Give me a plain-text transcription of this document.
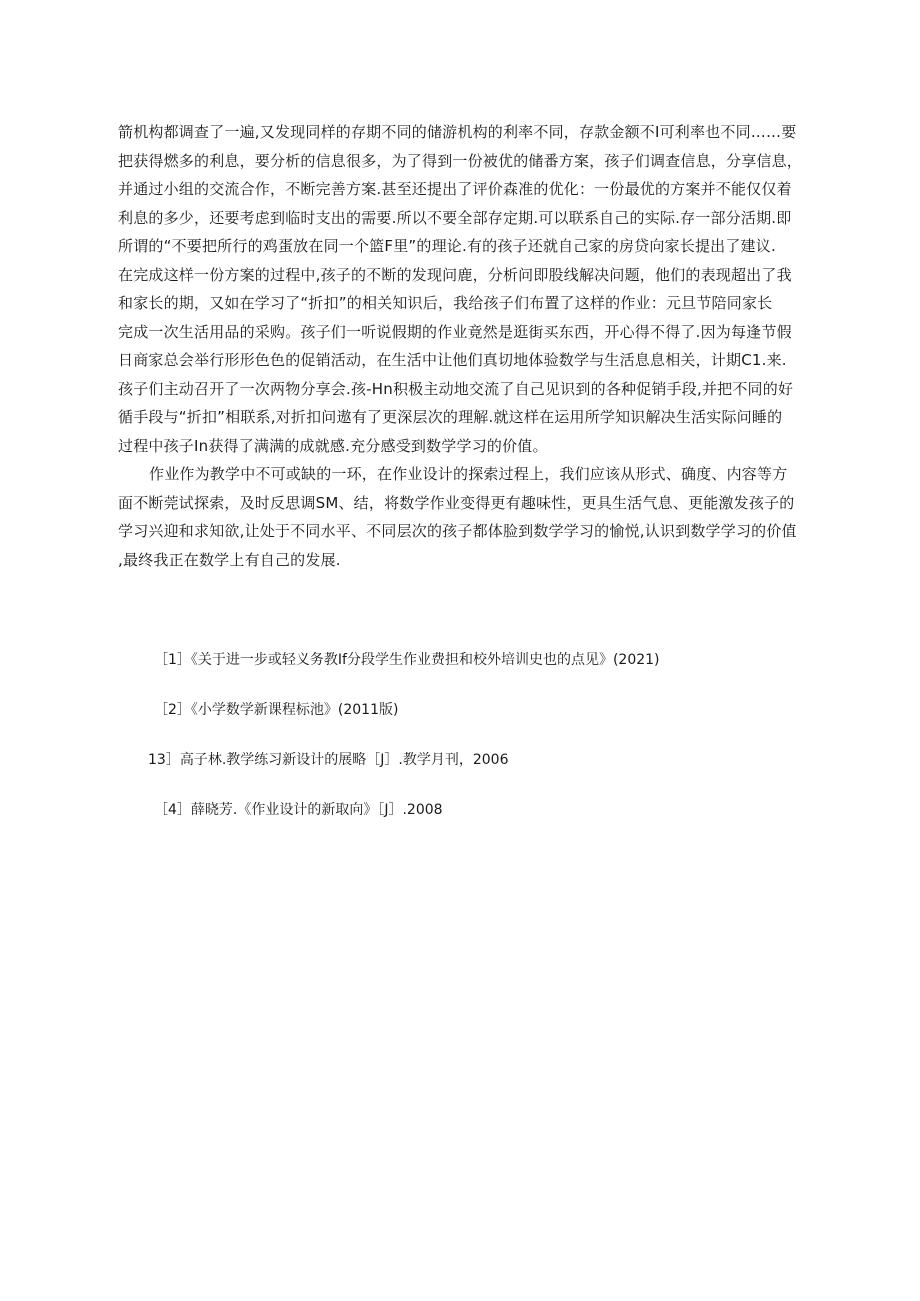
箭机构都调查了一遍,又发现同样的存期不同的储游机构的利率不同，存款金额不I可利率也不同……要
把获得燃多的利息，要分析的信息很多，为了得到一份被优的储番方案，孩子们调查信息，分享信息，
并通过小组的交流合作，不断完善方案.甚至还提出了评价森准的优化：一份最优的方案并不能仅仅着
利息的多少，还要考虑到临时支出的需要.所以不要全部存定期.可以联系自己的实际.存一部分活期.即
所谓的“不要把所行的鸡蛋放在同一个篮F里”的理论.有的孩子还就自己家的房贷向家长提出了建议.
在完成这样一份方案的过程中,孩子的不断的发现问鹿，分析问即股线解决问题，他们的表现超出了我
和家长的期，又如在学习了“折扣”的相关知识后，我给孩子们布置了这样的作业：元旦节陪同家长
完成一次生活用品的采购。孩子们一听说假期的作业竟然是逛街买东西，开心得不得了.因为每逢节假
日商家总会举行形形色色的促销活动，在生活中让他们真切地体验数学与生活息息相关，计期C1.来.
孩子们主动召开了一次两物分享会.孩-Hn积极主动地交流了自己见识到的各种促销手段,并把不同的好
循手段与“折扣”相联系,对折扣问遨有了更深层次的理解.就这样在运用所学知识解决生活实际问睡的
过程中孩子In获得了满满的成就感.充分感受到数学学习的价值。

作业作为教学中不可或缺的一环，在作业设计的探索过程上，我们应该从形式、确度、内容等方
面不断莞试探索，及时反思调SM、结，将数学作业变得更有趣味性，更具生活气息、更能激发孩子的
学习兴迎和求知欲,让处于不同水平、不同层次的孩子都体脸到数学学习的愉悦,认识到数学学习的价值
,最终我正在数学上有自己的发展.

［1］《关于进一步或轻义务教If分段学生作业费担和校外培训史也的点见》(2021)

［2］《小学数学新课程标池》(2011版)

13］高子林.教学练习新设计的展略［J］.教学月刊，2006

［4］薛晓芳.《作业设计的新取向》［J］.2008
